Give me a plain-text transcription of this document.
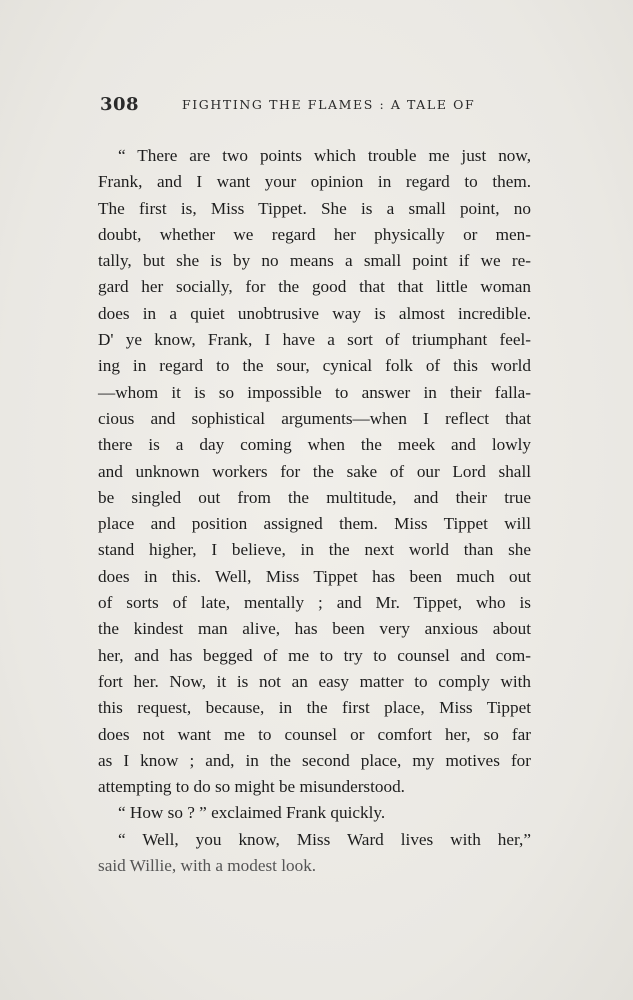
308	FIGHTING THE FLAMES : A TALE OF
“ There are two points which trouble me just now,
Frank, and I want your opinion in regard to them.
The first is, Miss Tippet. She is a small point, no
doubt, whether we regard her physically or men-
tally, but she is by no means a small point if we re-
gard her socially, for the good that that little woman
does in a quiet unobtrusive way is almost incredible.
D' ye know, Frank, I have a sort of triumphant feel-
ing in regard to the sour, cynical folk of this world
—whom it is so impossible to answer in their falla-
cious and sophistical arguments—when I reflect that
there is a day coming when the meek and lowly
and unknown workers for the sake of our Lord shall
be singled out from the multitude, and their true
place and position assigned them. Miss Tippet will
stand higher, I believe, in the next world than she
does in this. Well, Miss Tippet has been much out
of sorts of late, mentally ; and Mr. Tippet, who is
the kindest man alive, has been very anxious about
her, and has begged of me to try to counsel and com-
fort her. Now, it is not an easy matter to comply with
this request, because, in the first place, Miss Tippet
does not want me to counsel or comfort her, so far
as I know ; and, in the second place, my motives for
attempting to do so might be misunderstood.
“ How so ? ” exclaimed Frank quickly.
“ Well, you know, Miss Ward lives with her,”
said Willie, with a modest look.
